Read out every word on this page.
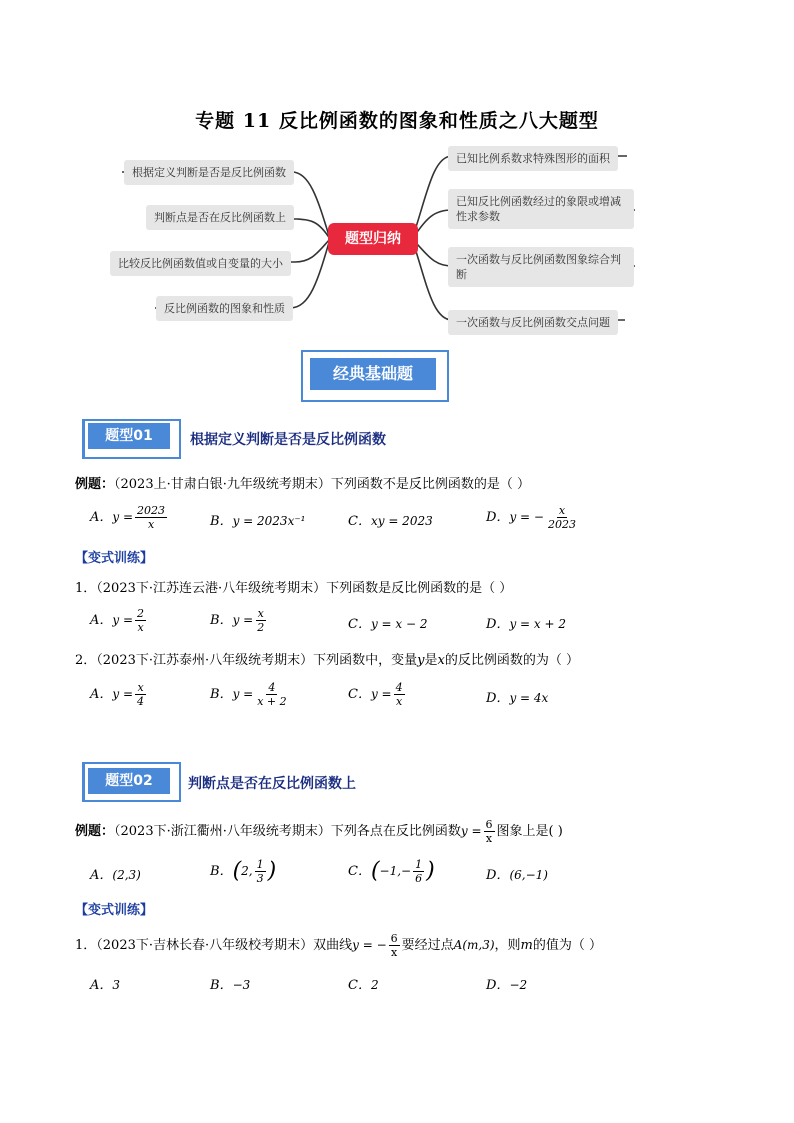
专题 11 反比例函数的图象和性质之八大题型
根据定义判断是否是反比例函数
判断点是否在反比例函数上
比较反比例函数值或自变量的大小
反比例函数的图象和性质
题型归纳
已知比例系数求特殊图形的面积
已知反比例函数经过的象限或增减性求参数
一次函数与反比例函数图象综合判断
一次函数与反比例函数交点问题
经典基础题
题型01	根据定义判断是否是反比例函数
例题：（2023上·甘肃白银·九年级统考期末）下列函数不是反比例函数的是（ ）
A．$y = \frac{2023}{x}$	B．y = 2023x⁻¹	C．xy = 2023	D．y = − $\frac{x}{2023}$
【变式训练】
1．（2023下·江苏连云港·八年级统考期末）下列函数是反比例函数的是（ ）
A．$y = \frac{2}{x}$	B．$y = \frac{x}{2}$	C．y = x − 2	D．y = x + 2
2．（2023下·江苏泰州·八年级统考期末）下列函数中，变量y是x的反比例函数的为（ ）
A．$y = \frac{x}{4}$	B．$y = \frac{4}{x + 2}$	C．$y = \frac{4}{x}$	D．y = 4x
题型02	判断点是否在反比例函数上
例题：（2023下·浙江衢州·八年级统考期末）下列各点在反比例函数$y = \frac{6}{x}$ 图象上是( )
A．(2,3)	B．(2, $\frac{1}{3}$ )	C．($-1,- \frac{1}{6}$ )	D．(6,−1)
【变式训练】
1．（2023下·吉林长春·八年级校考期末）双曲线y = − $\frac{6}{x}$ 要经过点A(m,3)，则m的值为（ ）
A．3	B．−3	C．2	D．−2
